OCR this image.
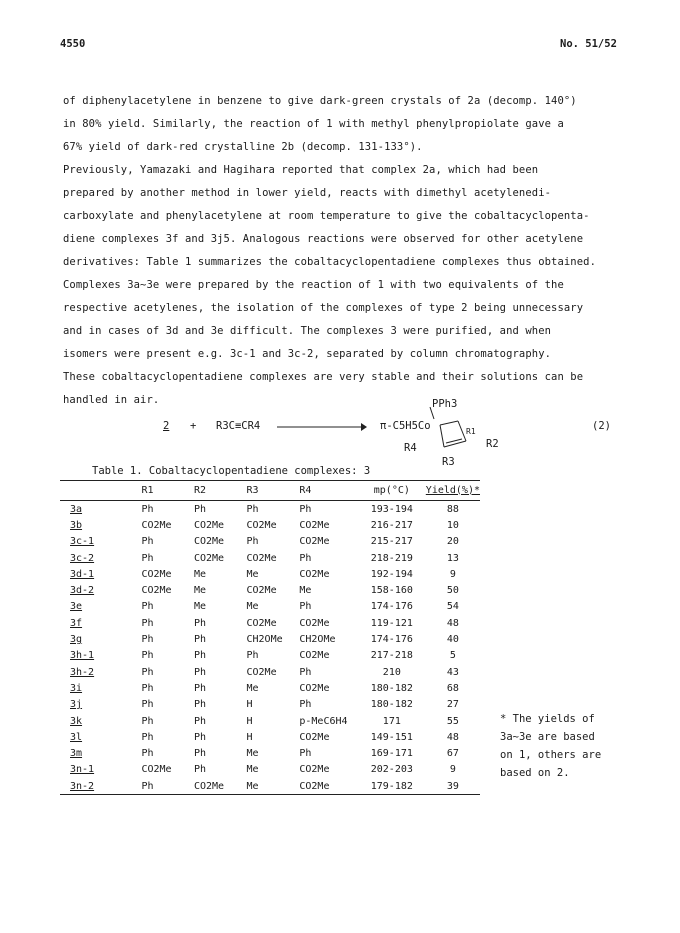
4550	No. 51/52
of diphenylacetylene in benzene to give dark-green crystals of 2a (decomp. 140°)
in 80% yield. Similarly, the reaction of 1 with methyl phenylpropiolate gave a
67% yield of dark-red crystalline 2b (decomp. 131-133°).
Previously, Yamazaki and Hagihara reported that complex 2a, which had been
prepared by another method in lower yield, reacts with dimethyl acetylenedi-
carboxylate and phenylacetylene at room temperature to give the cobaltacyclopenta-
diene complexes 3f and 3j5. Analogous reactions were observed for other acetylene
derivatives: Table 1 summarizes the cobaltacyclopentadiene complexes thus obtained.
Complexes 3a~3e were prepared by the reaction of 1 with two equivalents of the
respective acetylenes, the isolation of the complexes of type 2 being unnecessary
and in cases of 3d and 3e difficult. The complexes 3 were purified, and when
isomers were present e.g. 3c-1 and 3c-2, separated by column chromatography.
These cobaltacyclopentadiene complexes are very stable and their solutions can be
handled in air.
2 + R3C≡CR4
PPh3
π-C5H5Co	R1
R2
R4
R3
(2)
Table 1. Cobaltacyclopentadiene complexes: 3
	R1	R2	R3	R4	mp(°C)	Yield(%)*
3a	Ph	Ph	Ph	Ph	193-194	88
3b	CO2Me	CO2Me	CO2Me	CO2Me	216-217	10
3c-1	Ph	CO2Me	Ph	CO2Me	215-217	20
3c-2	Ph	CO2Me	CO2Me	Ph	218-219	13
3d-1	CO2Me	Me	Me	CO2Me	192-194	9
3d-2	CO2Me	Me	CO2Me	Me	158-160	50
3e	Ph	Me	Me	Ph	174-176	54
3f	Ph	Ph	CO2Me	CO2Me	119-121	48
3g	Ph	Ph	CH2OMe	CH2OMe	174-176	40
3h-1	Ph	Ph	Ph	CO2Me	217-218	5
3h-2	Ph	Ph	CO2Me	Ph	210	43
3i	Ph	Ph	Me	CO2Me	180-182	68
3j	Ph	Ph	H	Ph	180-182	27
3k	Ph	Ph	H	p-MeC6H4	171	55
3l	Ph	Ph	H	CO2Me	149-151	48
3m	Ph	Ph	Me	Ph	169-171	67
3n-1	CO2Me	Ph	Me	CO2Me	202-203	9
3n-2	Ph	CO2Me	Me	CO2Me	179-182	39
* The yields of
3a~3e are based
on 1, others are
based on 2.
